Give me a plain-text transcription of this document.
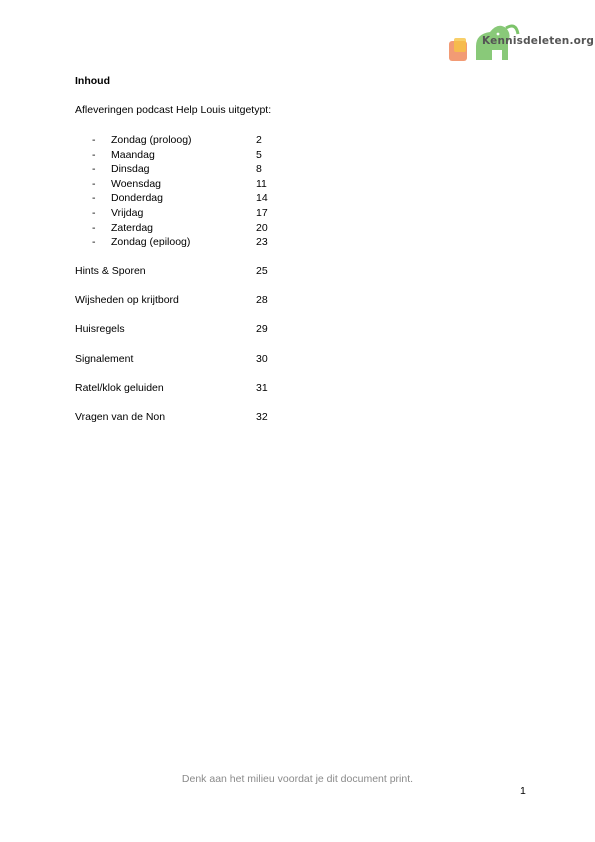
Kennisdeleten.org
Inhoud
Afleveringen podcast Help Louis uitgetypt:
- Zondag (proloog)	2
- Maandag	5
- Dinsdag	8
- Woensdag	11
- Donderdag	14
- Vrijdag	17
- Zaterdag	20
- Zondag (epiloog)	23
Hints & Sporen	25
Wijsheden op krijtbord	28
Huisregels	29
Signalement	30
Ratel/klok geluiden	31
Vragen van de Non	32
Denk aan het milieu voordat je dit document print.
1
